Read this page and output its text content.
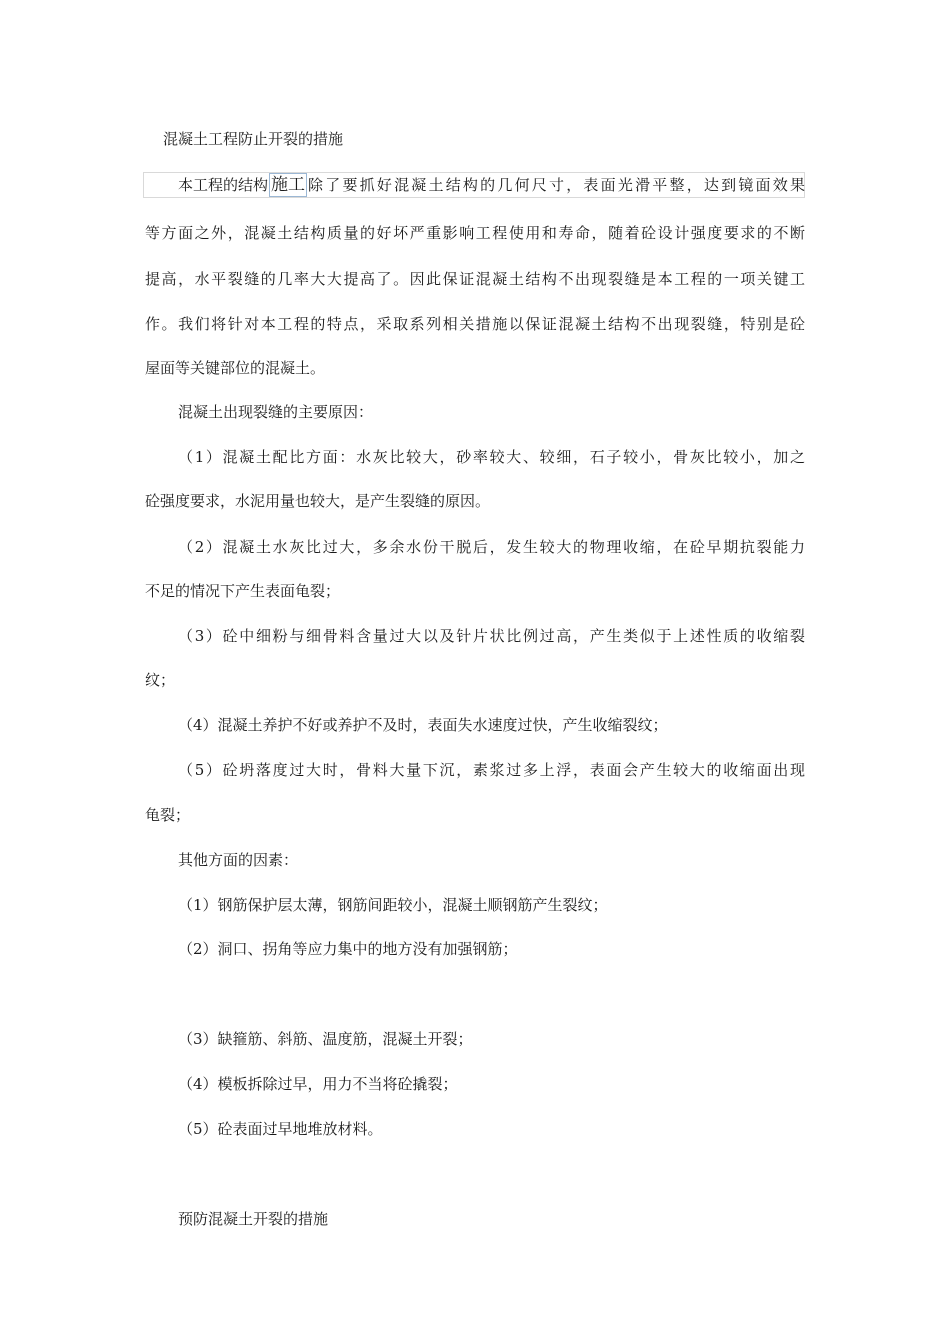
混凝土工程防止开裂的措施
本工程的结构 施工 除了要抓好混凝土结构的几何尺寸，表面光滑平整，达到镜面效果
等方面之外，混凝土结构质量的好坏严重影响工程使用和寿命，随着砼设计强度要求的不断
提高，水平裂缝的几率大大提高了。因此保证混凝土结构不出现裂缝是本工程的一项关键工
作。我们将针对本工程的特点，采取系列相关措施以保证混凝土结构不出现裂缝，特别是砼
屋面等关键部位的混凝土。
混凝土出现裂缝的主要原因：
（1）混凝土配比方面：水灰比较大，砂率较大、较细，石子较小，骨灰比较小，加之
砼强度要求，水泥用量也较大，是产生裂缝的原因。
（2）混凝土水灰比过大，多余水份干脱后，发生较大的物理收缩，在砼早期抗裂能力
不足的情况下产生表面龟裂；
（3）砼中细粉与细骨料含量过大以及针片状比例过高，产生类似于上述性质的收缩裂
纹；
（4）混凝土养护不好或养护不及时，表面失水速度过快，产生收缩裂纹；
（5）砼坍落度过大时，骨料大量下沉，素浆过多上浮，表面会产生较大的收缩面出现
龟裂；
其他方面的因素：
（1）钢筋保护层太薄，钢筋间距较小，混凝土顺钢筋产生裂纹；
（2）洞口、拐角等应力集中的地方没有加强钢筋；
（3）缺箍筋、斜筋、温度筋，混凝土开裂；
（4）模板拆除过早，用力不当将砼撬裂；
（5）砼表面过早地堆放材料。
预防混凝土开裂的措施
